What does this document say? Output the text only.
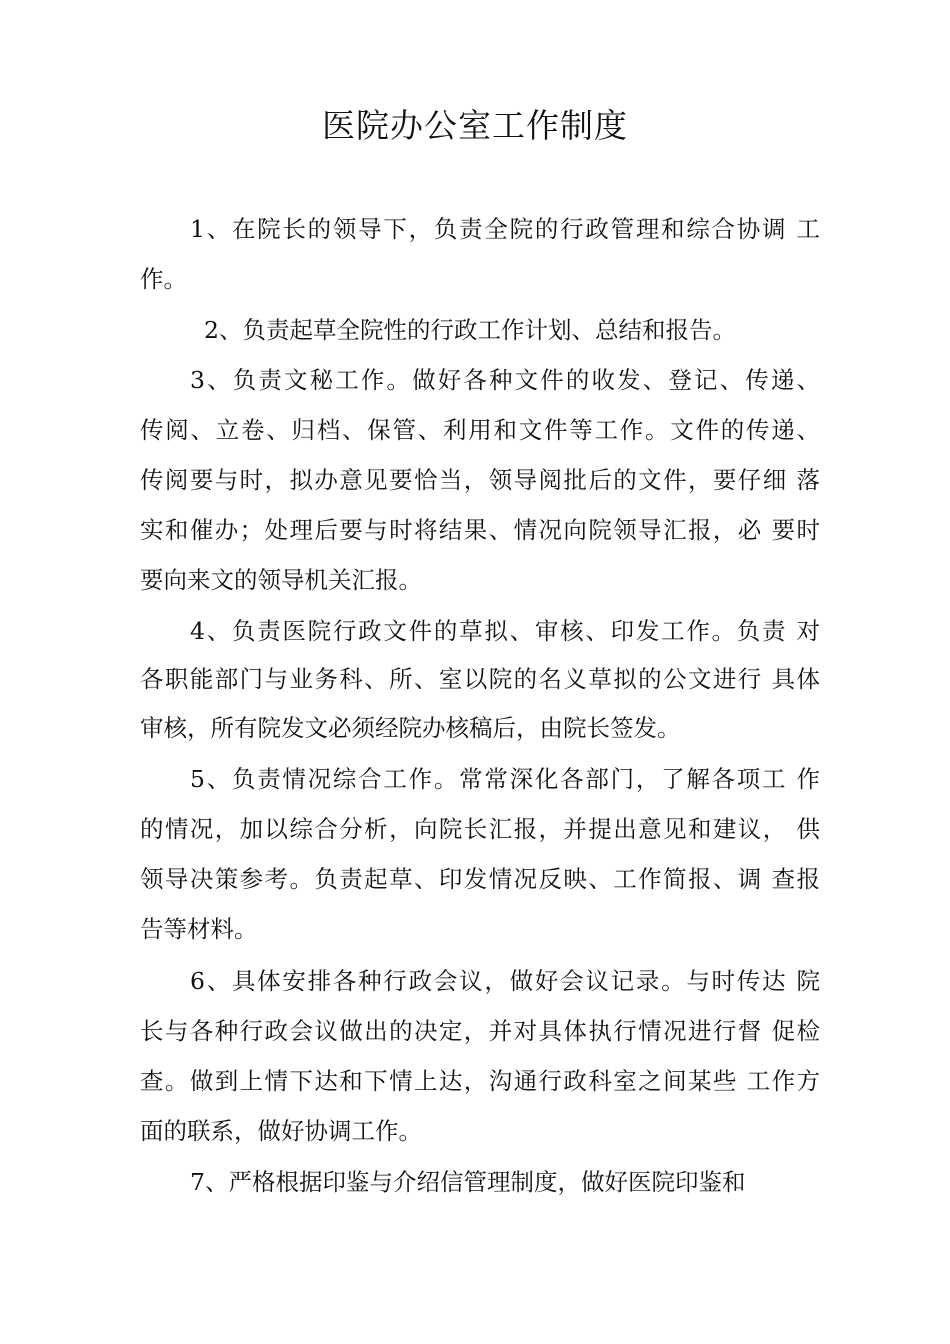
医院办公室工作制度

1、在院长的领导下，负责全院的行政管理和综合协调 工

作。

2、负责起草全院性的行政工作计划、总结和报告。

3、负责文秘工作。做好各种文件的收发、登记、传递、

传阅、立卷、归档、保管、利用和文件等工作。文件的传递、

传阅要与时，拟办意见要恰当，领导阅批后的文件，要仔细 落

实和催办；处理后要与时将结果、情况向院领导汇报，必 要时

要向来文的领导机关汇报。

4、负责医院行政文件的草拟、审核、印发工作。负责 对

各职能部门与业务科、所、室以院的名义草拟的公文进行 具体

审核，所有院发文必须经院办核稿后，由院长签发。

5、负责情况综合工作。常常深化各部门，了解各项工 作

的情况，加以综合分析，向院长汇报，并提出意见和建议， 供

领导决策参考。负责起草、印发情况反映、工作简报、调 查报

告等材料。

6、具体安排各种行政会议，做好会议记录。与时传达 院

长与各种行政会议做出的决定，并对具体执行情况进行督 促检

查。做到上情下达和下情上达，沟通行政科室之间某些 工作方

面的联系，做好协调工作。

7、严格根据印鉴与介绍信管理制度，做好医院印鉴和
